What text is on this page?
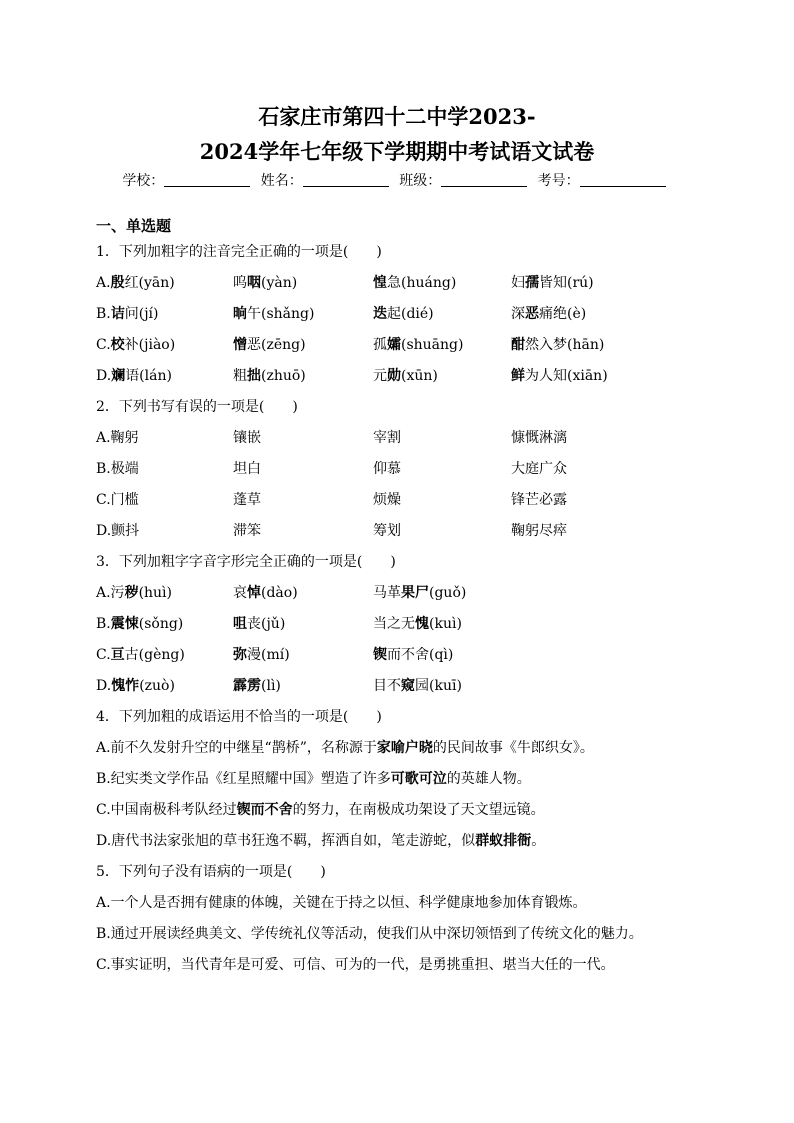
石家庄市第四十二中学2023-
2024学年七年级下学期期中考试语文试卷
学校：	姓名：	班级：	考号：
一、单选题
1．下列加粗字的注音完全正确的一项是(　　)
A.殷红(yān)	呜咽(yàn)	惶急(huáng)	妇孺皆知(rú)
B.诘问(jí)	晌午(shǎng)	迭起(dié)	深恶痛绝(è)
C.校补(jiào)	憎恶(zēng)	孤孀(shuāng)	酣然入梦(hān)
D.斓语(lán)	粗拙(zhuō)	元勋(xūn)	鲜为人知(xiān)
2．下列书写有误的一项是(　　)
A.鞠躬	镶嵌	宰割	慷慨淋漓
B.极端	坦白	仰慕	大庭广众
C.门槛	蓬草	烦燥	锋芒必露
D.颤抖	滞笨	筹划	鞠躬尽瘁
3．下列加粗字字音字形完全正确的一项是(　　)
A.污秽(huì)	哀悼(dào)	马革果尸(guǒ)
B.震悚(sǒng)	咀丧(jǔ)	当之无愧(kuì)
C.亘古(gèng)	弥漫(mí)	锲而不舍(qì)
D.愧怍(zuò)	霹雳(lì)	目不窥园(kuī)
4．下列加粗的成语运用不恰当的一项是(　　)
A.前不久发射升空的中继星“鹊桥”，名称源于家喻户晓的民间故事《牛郎织女》。
B.纪实类文学作品《红星照耀中国》塑造了许多可歌可泣的英雄人物。
C.中国南极科考队经过锲而不舍的努力，在南极成功架设了天文望远镜。
D.唐代书法家张旭的草书狂逸不羁，挥洒自如，笔走游蛇，似群蚁排衙。
5．下列句子没有语病的一项是(　　)
A.一个人是否拥有健康的体魄，关键在于持之以恒、科学健康地参加体育锻炼。
B.通过开展读经典美文、学传统礼仪等活动，使我们从中深切领悟到了传统文化的魅力。
C.事实证明，当代青年是可爱、可信、可为的一代，是勇挑重担、堪当大任的一代。
